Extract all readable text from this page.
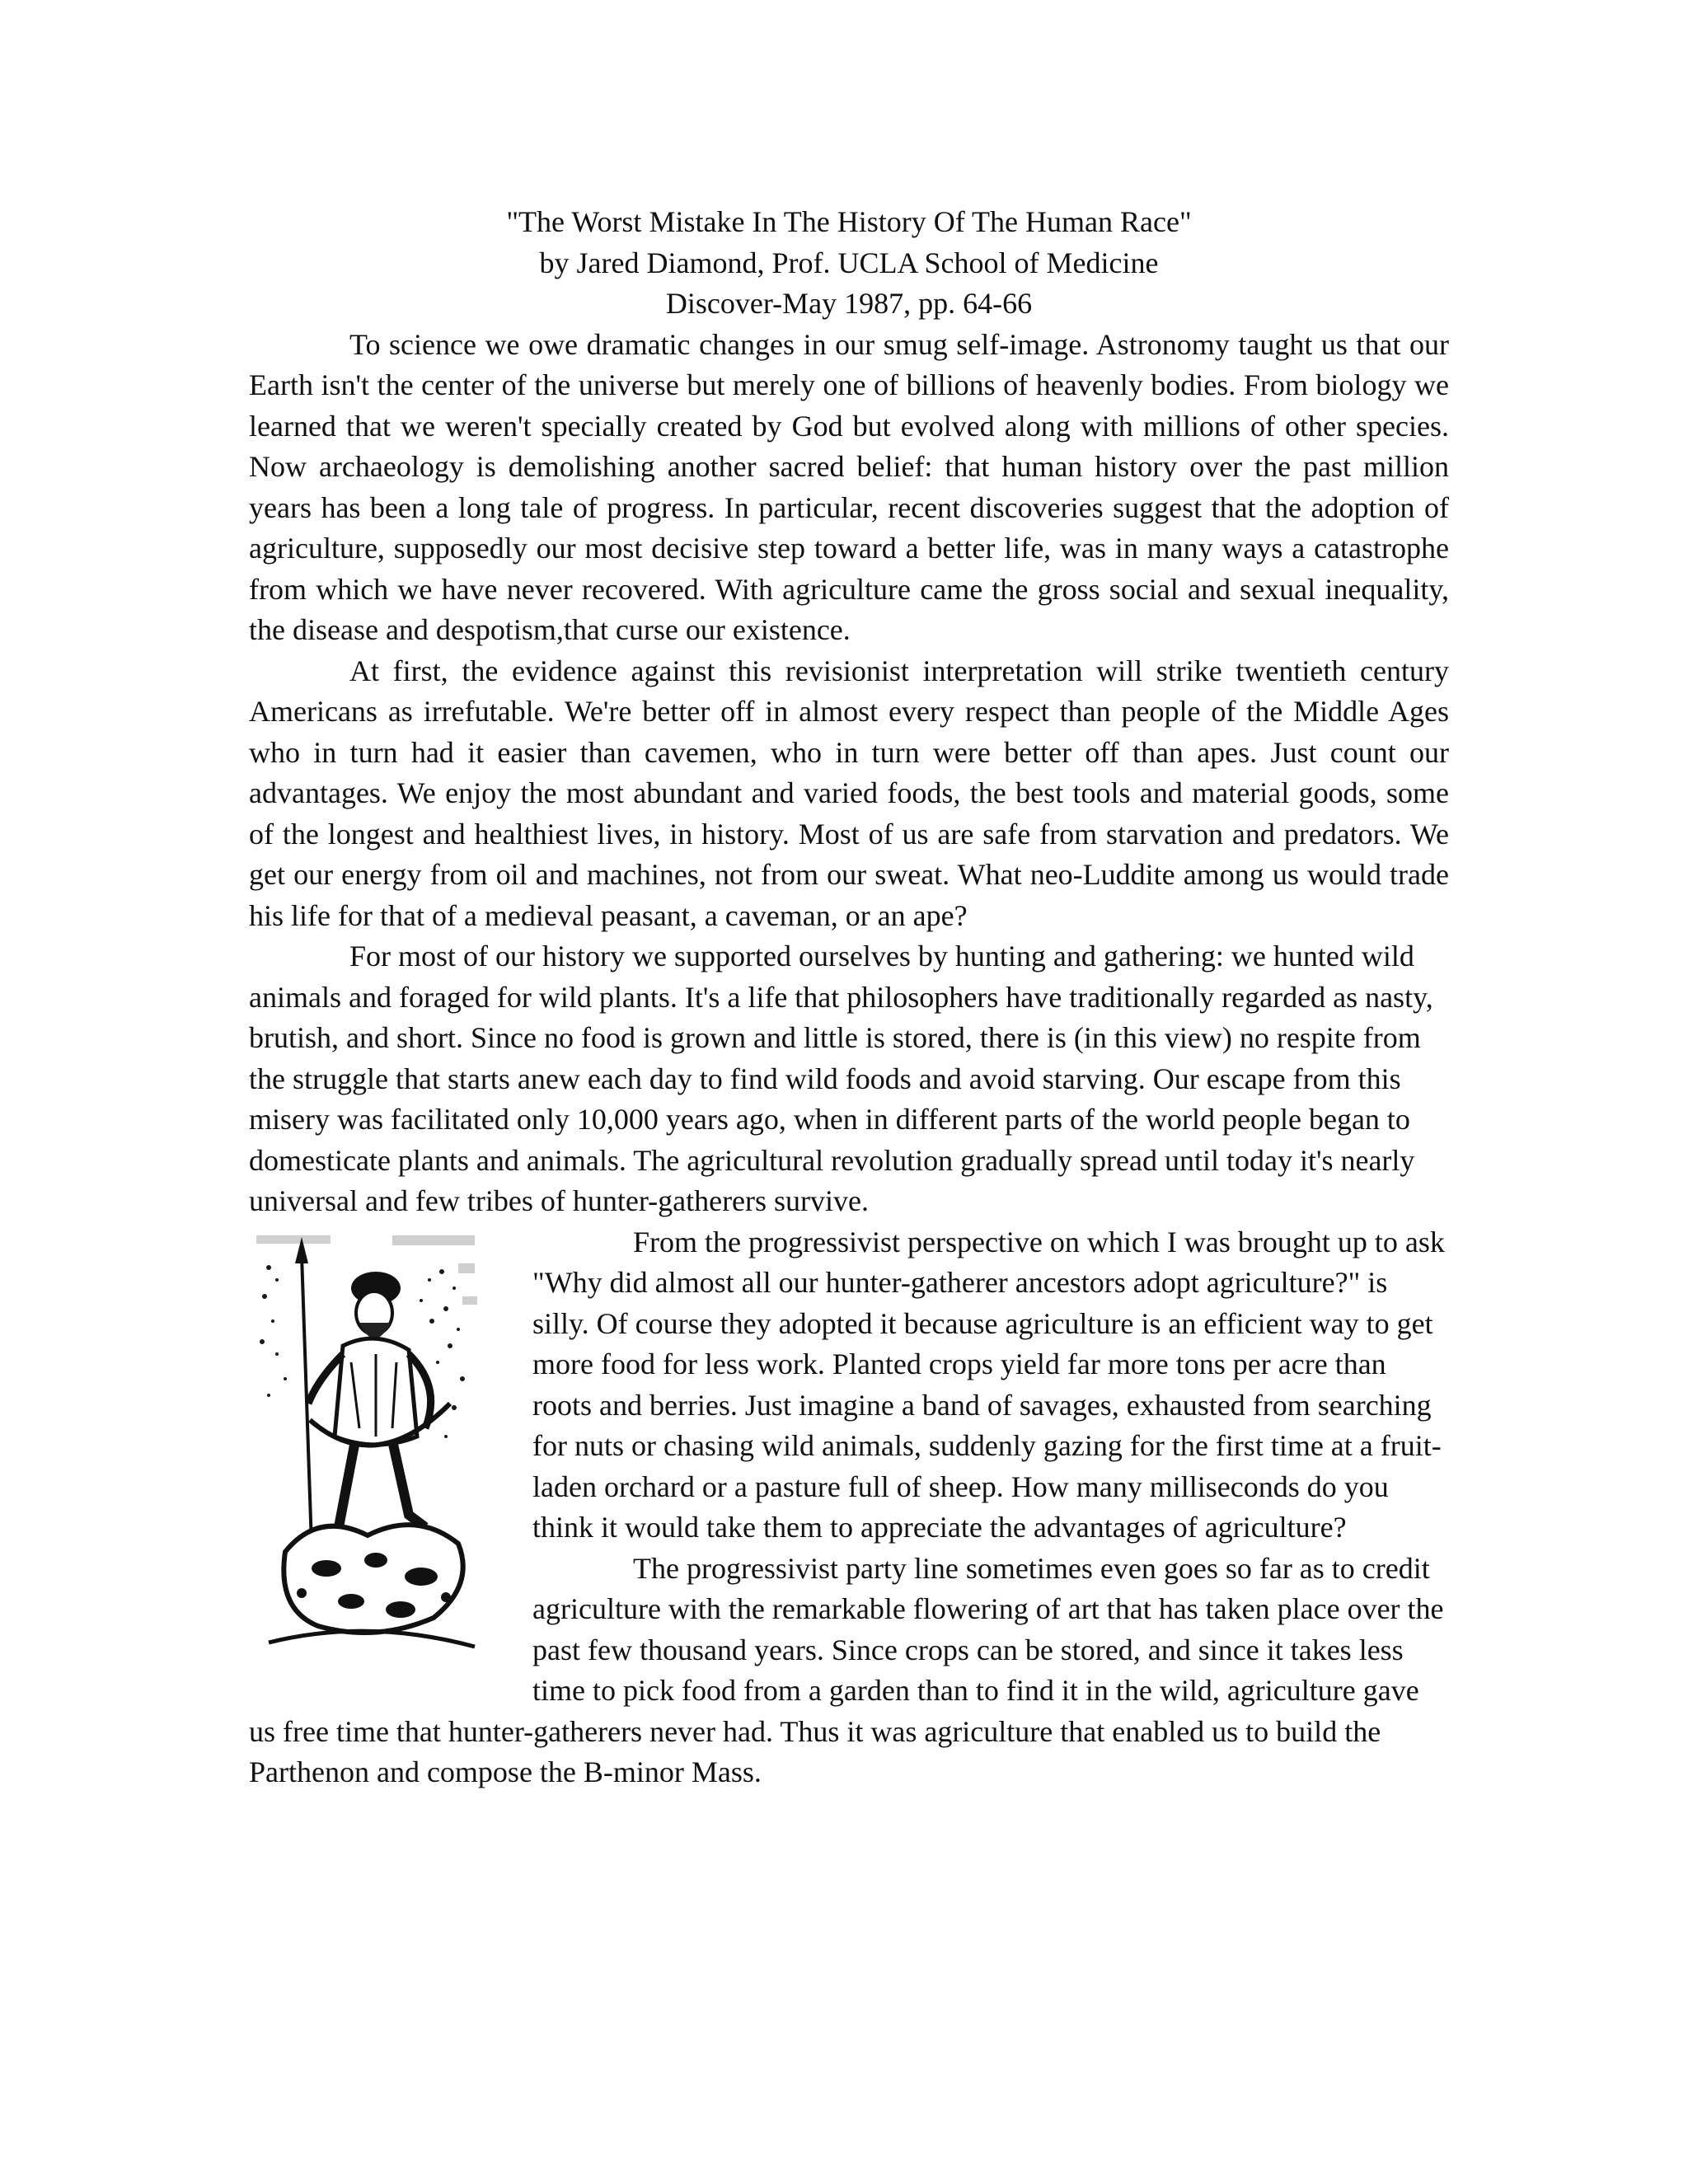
"The Worst Mistake In The History Of The Human Race"
by Jared Diamond, Prof. UCLA School of Medicine
Discover-May 1987, pp. 64-66

To science we owe dramatic changes in our smug self-image. Astronomy taught us that our Earth isn't the center of the universe but merely one of billions of heavenly bodies. From biology we learned that we weren't specially created by God but evolved along with millions of other species. Now archaeology is demolishing another sacred belief: that human history over the past million years has been a long tale of progress. In particular, recent discoveries suggest that the adoption of agriculture, supposedly our most decisive step toward a better life, was in many ways a catastrophe from which we have never recovered. With agriculture came the gross social and sexual inequality, the disease and despotism,that curse our existence.

At first, the evidence against this revisionist interpretation will strike twentieth century Americans as irrefutable. We're better off in almost every respect than people of the Middle Ages who in turn had it easier than cavemen, who in turn were better off than apes. Just count our advantages. We enjoy the most abundant and varied foods, the best tools and material goods, some of the longest and healthiest lives, in history. Most of us are safe from starvation and predators. We get our energy from oil and machines, not from our sweat. What neo-Luddite among us would trade his life for that of a medieval peasant, a caveman, or an ape?

For most of our history we supported ourselves by hunting and gathering: we hunted wild animals and foraged for wild plants. It's a life that philosophers have traditionally regarded as nasty, brutish, and short. Since no food is grown and little is stored, there is (in this view) no respite from the struggle that starts anew each day to find wild foods and avoid starving. Our escape from this misery was facilitated only 10,000 years ago, when in different parts of the world people began to domesticate plants and animals. The agricultural revolution gradually spread until today it's nearly universal and few tribes of hunter-gatherers survive.

From the progressivist perspective on which I was brought up to ask "Why did almost all our hunter-gatherer ancestors adopt agriculture?" is silly. Of course they adopted it because agriculture is an efficient way to get more food for less work. Planted crops yield far more tons per acre than roots and berries. Just imagine a band of savages, exhausted from searching for nuts or chasing wild animals, suddenly gazing for the first time at a fruit-laden orchard or a pasture full of sheep. How many milliseconds do you think it would take them to appreciate the advantages of agriculture?

The progressivist party line sometimes even goes so far as to credit agriculture with the remarkable flowering of art that has taken place over the past few thousand years. Since crops can be stored, and since it takes less time to pick food from a garden than to find it in the wild, agriculture gave us free time that hunter-gatherers never had. Thus it was agriculture that enabled us to build the Parthenon and compose the B-minor Mass.
